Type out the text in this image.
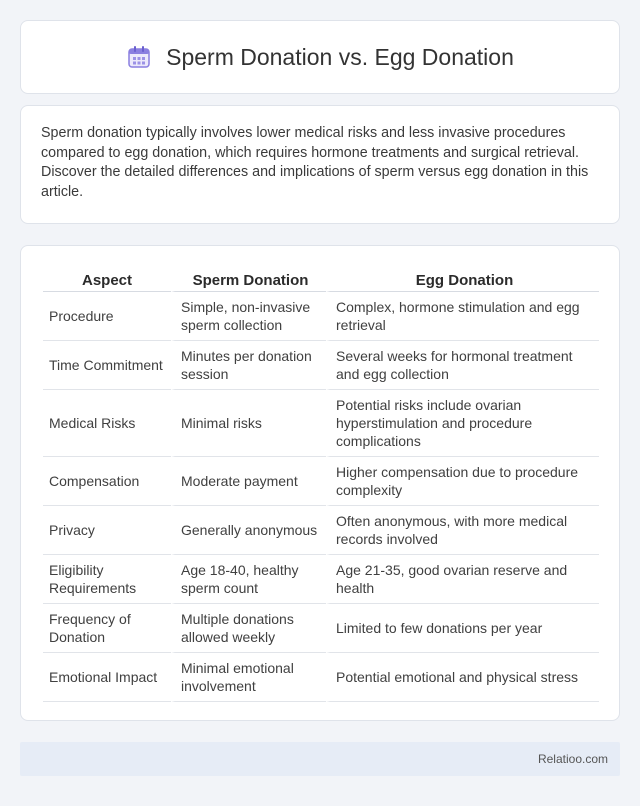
Sperm Donation vs. Egg Donation

Sperm donation typically involves lower medical risks and less invasive procedures compared to egg donation, which requires hormone treatments and surgical retrieval. Discover the detailed differences and implications of sperm versus egg donation in this article.

Aspect	Sperm Donation	Egg Donation
Procedure	Simple, non-invasive sperm collection	Complex, hormone stimulation and egg retrieval
Time Commitment	Minutes per donation session	Several weeks for hormonal treatment and egg collection
Medical Risks	Minimal risks	Potential risks include ovarian hyperstimulation and procedure complications
Compensation	Moderate payment	Higher compensation due to procedure complexity
Privacy	Generally anonymous	Often anonymous, with more medical records involved
Eligibility Requirements	Age 18-40, healthy sperm count	Age 21-35, good ovarian reserve and health
Frequency of Donation	Multiple donations allowed weekly	Limited to few donations per year
Emotional Impact	Minimal emotional involvement	Potential emotional and physical stress
Relatioo.com
